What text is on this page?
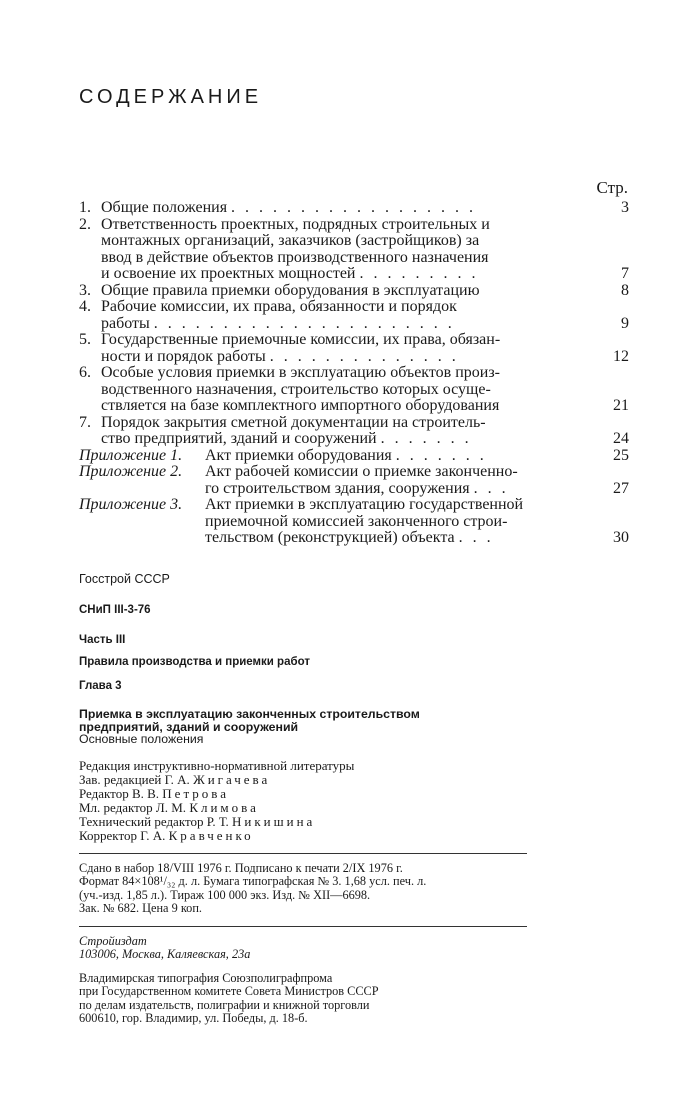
СОДЕРЖАНИЕ
Стр.
1. Общие положения . . . . . . . . . . . . . . . . . .	3
2. Ответственность проектных, подрядных строительных и
монтажных организаций, заказчиков (застройщиков) за
ввод в действие объектов производственного назначения
и освоение их проектных мощностей . . . . . . . . .	7
3. Общие правила приемки оборудования в эксплуатацию	8
4. Рабочие комиссии, их права, обязанности и порядок
работы . . . . . . . . . . . . . . . . . . . . . .	9
5. Государственные приемочные комиссии, их права, обязан-
ности и порядок работы . . . . . . . . . . . . . .	12
6. Особые условия приемки в эксплуатацию объектов произ-
водственного назначения, строительство которых осуще-
ствляется на базе комплектного импортного оборудования	21
7. Порядок закрытия сметной документации на строитель-
ство предприятий, зданий и сооружений . . . . . . .	24
Приложение 1. Акт приемки оборудования . . . . . . .	25
Приложение 2. Акт рабочей комиссии о приемке законченно-
го строительством здания, сооружения . . .	27
Приложение 3. Акт приемки в эксплуатацию государственной
приемочной комиссией законченного строи-
тельством (реконструкцией) объекта . . .	30
Госстрой СССР
СНиП III-3-76
Часть III
Правила производства и приемки работ
Глава 3
Приемка в эксплуатацию законченных строительством
предприятий, зданий и сооружений
Основные положения
Редакция инструктивно-нормативной литературы
Зав. редакцией Г. А. Жигачева
Редактор В. В. Петрова
Мл. редактор Л. М. Климова
Технический редактор Р. Т. Никишина
Корректор Г. А. Кравченко
Сдано в набор 18/VIII 1976 г. Подписано к печати 2/IX 1976 г.
Формат 84×108¹/₃₂ д. л. Бумага типографская № 3. 1,68 усл. печ. л.
(уч.-изд. 1,85 л.). Тираж 100 000 экз. Изд. № XII—6698.
Зак. № 682. Цена 9 коп.
Стройиздат
103006, Москва, Каляевская, 23а
Владимирская типография Союзполиграфпрома
при Государственном комитете Совета Министров СССР
по делам издательств, полиграфии и книжной торговли
600610, гор. Владимир, ул. Победы, д. 18-б.
